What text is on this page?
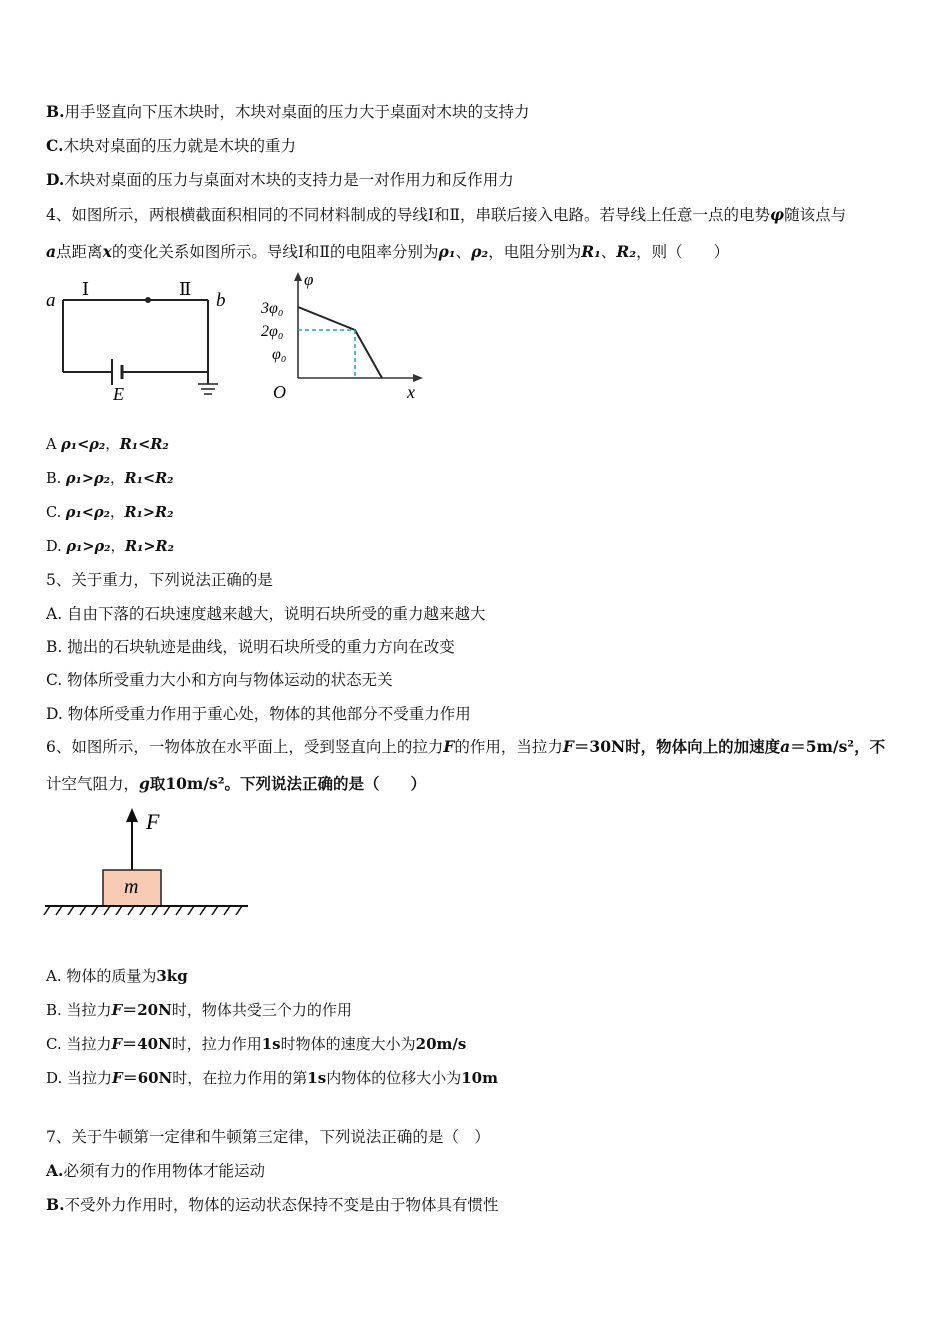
B.用手竖直向下压木块时，木块对桌面的压力大于桌面对木块的支持力
C.木块对桌面的压力就是木块的重力
D.木块对桌面的压力与桌面对木块的支持力是一对作用力和反作用力
4、如图所示，两根横截面积相同的不同材料制成的导线Ⅰ和Ⅱ，串联后接入电路。若导线上任意一点的电势φ随该点与
a点距离x的变化关系如图所示。导线Ⅰ和Ⅱ的电阻率分别为ρ₁、ρ₂，电阻分别为R₁、R₂，则（　　）
a
Ⅰ	Ⅱ
b
E
φ
3φ₀
2φ₀
φ₀
O	x
A ρ₁<ρ₂，R₁<R₂
B. ρ₁>ρ₂，R₁<R₂
C. ρ₁<ρ₂，R₁>R₂
D. ρ₁>ρ₂，R₁>R₂
5、关于重力，下列说法正确的是
A. 自由下落的石块速度越来越大，说明石块所受的重力越来越大
B. 抛出的石块轨迹是曲线，说明石块所受的重力方向在改变
C. 物体所受重力大小和方向与物体运动的状态无关
D. 物体所受重力作用于重心处，物体的其他部分不受重力作用
6、如图所示，一物体放在水平面上，受到竖直向上的拉力F的作用，当拉力F＝30N时，物体向上的加速度a＝5m/s²，不
计空气阻力，g取10m/s²。下列说法正确的是（　　）
F
m
A. 物体的质量为3kg
B. 当拉力F＝20N时，物体共受三个力的作用
C. 当拉力F＝40N时，拉力作用1s时物体的速度大小为20m/s
D. 当拉力F＝60N时，在拉力作用的第1s内物体的位移大小为10m
7、关于牛顿第一定律和牛顿第三定律，下列说法正确的是（　）
A.必须有力的作用物体才能运动
B.不受外力作用时，物体的运动状态保持不变是由于物体具有惯性
